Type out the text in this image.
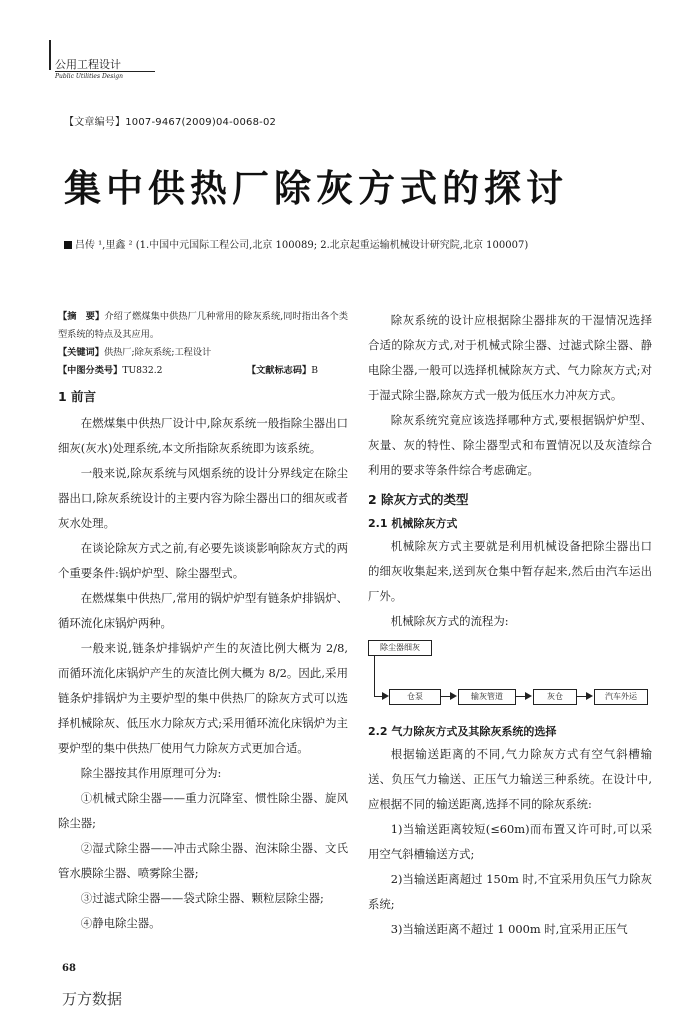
公用工程设计
Public Utilities Design
【文章编号】1007-9467(2009)04-0068-02
集中供热厂除灰方式的探讨
吕传 ¹,里鑫 ² (1.中国中元国际工程公司,北京 100089; 2.北京起重运输机械设计研究院,北京 100007)
【摘　要】介绍了燃煤集中供热厂几种常用的除灰系统,同时指出各个类型系统的特点及其应用。
【关键词】供热厂;除灰系统;工程设计
【中图分类号】TU832.2	【文献标志码】B
1 前言

在燃煤集中供热厂设计中,除灰系统一般指除尘器出口细灰(灰水)处理系统,本文所指除灰系统即为该系统。

一般来说,除灰系统与风烟系统的设计分界线定在除尘器出口,除灰系统设计的主要内容为除尘器出口的细灰或者灰水处理。

在谈论除灰方式之前,有必要先谈谈影响除灰方式的两个重要条件:锅炉炉型、除尘器型式。

在燃煤集中供热厂,常用的锅炉炉型有链条炉排锅炉、循环流化床锅炉两种。

一般来说,链条炉排锅炉产生的灰渣比例大概为 2/8,而循环流化床锅炉产生的灰渣比例大概为 8/2。因此,采用链条炉排锅炉为主要炉型的集中供热厂的除灰方式可以选择机械除灰、低压水力除灰方式;采用循环流化床锅炉为主要炉型的集中供热厂使用气力除灰方式更加合适。

除尘器按其作用原理可分为:

①机械式除尘器——重力沉降室、惯性除尘器、旋风除尘器;

②湿式除尘器——冲击式除尘器、泡沫除尘器、文氏管水膜除尘器、喷雾除尘器;

③过滤式除尘器——袋式除尘器、颗粒层除尘器;

④静电除尘器。

除灰系统的设计应根据除尘器排灰的干湿情况选择合适的除灰方式,对于机械式除尘器、过滤式除尘器、静电除尘器,一般可以选择机械除灰方式、气力除灰方式;对于湿式除尘器,除灰方式一般为低压水力冲灰方式。

除灰系统究竟应该选择哪种方式,要根据锅炉炉型、灰量、灰的特性、除尘器型式和布置情况以及灰渣综合利用的要求等条件综合考虑确定。

2 除灰方式的类型
2.1 机械除灰方式

机械除灰方式主要就是利用机械设备把除尘器出口的细灰收集起来,送到灰仓集中暂存起来,然后由汽车运出厂外。

机械除灰方式的流程为:

除尘器细灰
仓泵	输灰管道	灰仓	汽车外运
2.2 气力除灰方式及其除灰系统的选择

根据输送距离的不同,气力除灰方式有空气斜槽输送、负压气力输送、正压气力输送三种系统。在设计中,应根据不同的输送距离,选择不同的除灰系统:

1)当输送距离较短(≤60m)而布置又许可时,可以采用空气斜槽输送方式;

2)当输送距离超过 150m 时,不宜采用负压气力除灰系统;

3)当输送距离不超过 1 000m 时,宜采用正压气

68
万方数据
